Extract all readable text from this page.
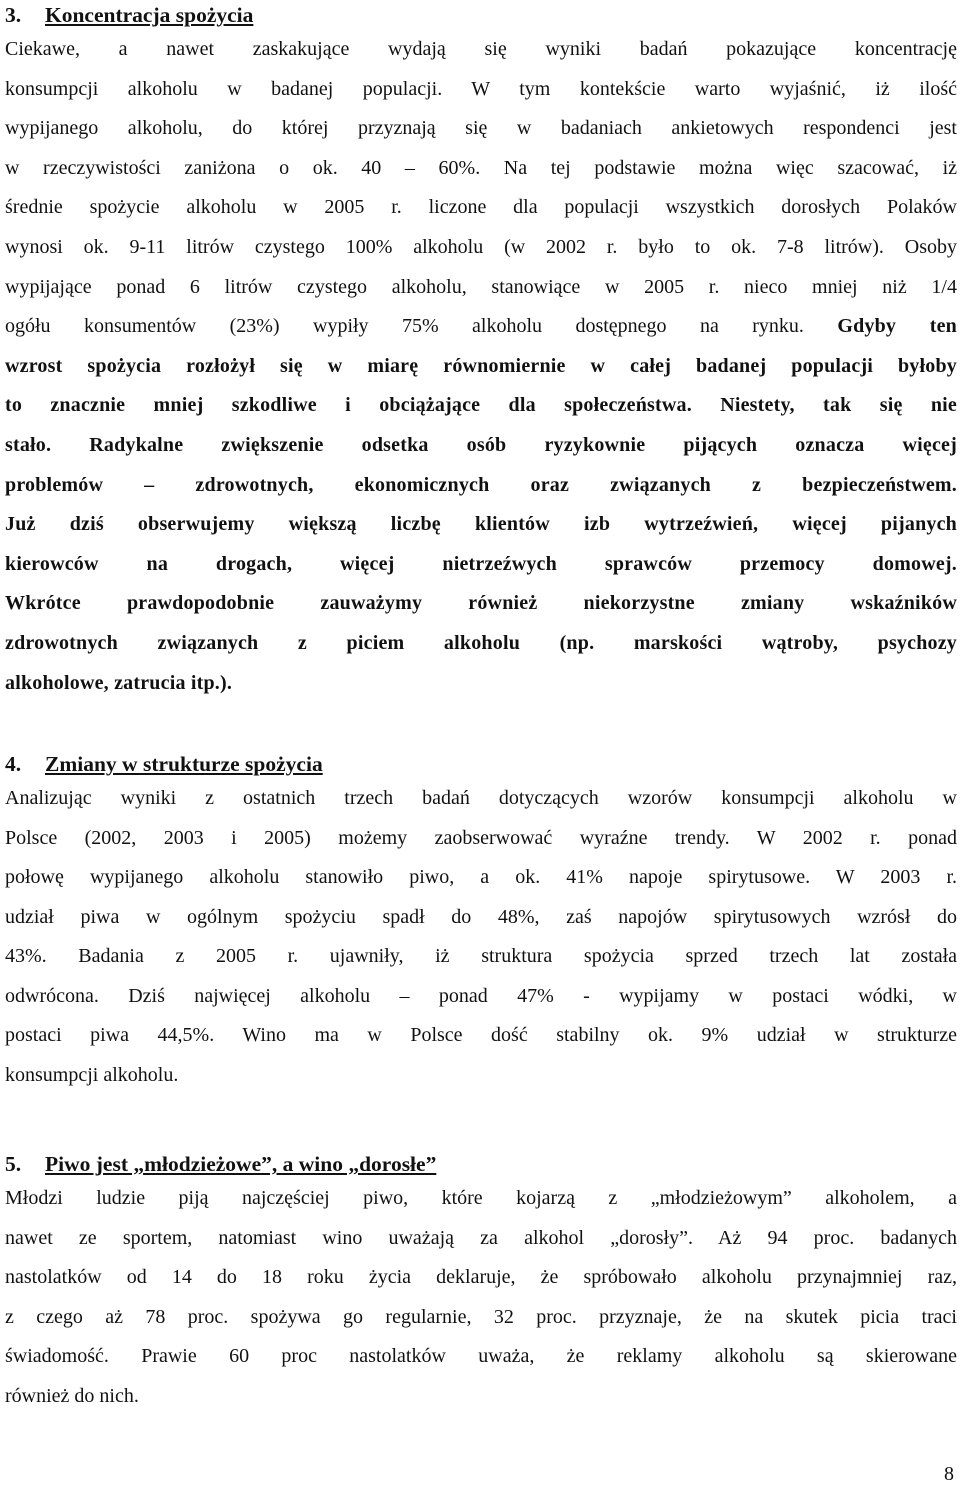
3. Koncentracja spożycia
Ciekawe, a nawet zaskakujące wydają się wyniki badań pokazujące koncentrację
konsumpcji alkoholu w badanej populacji. W tym kontekście warto wyjaśnić, iż ilość
wypijanego alkoholu, do której przyznają się w badaniach ankietowych respondenci jest
w rzeczywistości zaniżona o ok. 40 – 60%. Na tej podstawie można więc szacować, iż
średnie spożycie alkoholu w 2005 r. liczone dla populacji wszystkich dorosłych Polaków
wynosi ok. 9-11 litrów czystego 100% alkoholu (w 2002 r. było to ok. 7-8 litrów). Osoby
wypijające ponad 6 litrów czystego alkoholu, stanowiące w 2005 r. nieco mniej niż 1/4
ogółu konsumentów (23%) wypiły 75% alkoholu dostępnego na rynku. Gdyby ten
wzrost spożycia rozłożył się w miarę równomiernie w całej badanej populacji byłoby
to znacznie mniej szkodliwe i obciążające dla społeczeństwa. Niestety, tak się nie
stało. Radykalne zwiększenie odsetka osób ryzykownie pijących oznacza więcej
problemów – zdrowotnych, ekonomicznych oraz związanych z bezpieczeństwem.
Już dziś obserwujemy większą liczbę klientów izb wytrzeźwień, więcej pijanych
kierowców na drogach, więcej nietrzeźwych sprawców przemocy domowej.
Wkrótce prawdopodobnie zauważymy również niekorzystne zmiany wskaźników
zdrowotnych związanych z piciem alkoholu (np. marskości wątroby, psychozy
alkoholowe, zatrucia itp.).
4. Zmiany w strukturze spożycia
Analizując wyniki z ostatnich trzech badań dotyczących wzorów konsumpcji alkoholu w
Polsce (2002, 2003 i 2005) możemy zaobserwować wyraźne trendy. W 2002 r. ponad
połowę wypijanego alkoholu stanowiło piwo, a ok. 41% napoje spirytusowe. W 2003 r.
udział piwa w ogólnym spożyciu spadł do 48%, zaś napojów spirytusowych wzrósł do
43%. Badania z 2005 r. ujawniły, iż struktura spożycia sprzed trzech lat została
odwrócona. Dziś najwięcej alkoholu – ponad 47% - wypijamy w postaci wódki, w
postaci piwa 44,5%. Wino ma w Polsce dość stabilny ok. 9% udział w strukturze
konsumpcji alkoholu.
5. Piwo jest „młodzieżowe”, a wino „dorosłe”
Młodzi ludzie piją najczęściej piwo, które kojarzą z „młodzieżowym” alkoholem, a
nawet ze sportem, natomiast wino uważają za alkohol „dorosły”. Aż 94 proc. badanych
nastolatków od 14 do 18 roku życia deklaruje, że spróbowało alkoholu przynajmniej raz,
z czego aż 78 proc. spożywa go regularnie, 32 proc. przyznaje, że na skutek picia traci
świadomość. Prawie 60 proc nastolatków uważa, że reklamy alkoholu są skierowane
również do nich.
8
